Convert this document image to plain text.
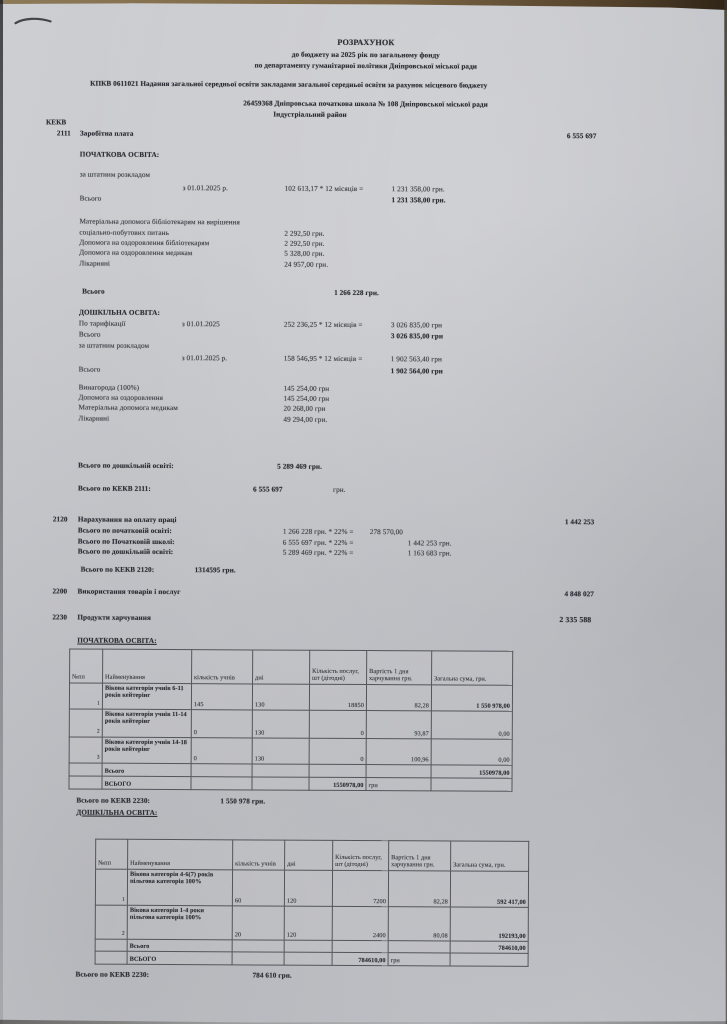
РОЗРАХУНОК
до бюджету на 2025 рік по загальному фонду
по департаменту гуманітарної політики Дніпровської міської ради
КПКВ 0611021 Надання загальної середньої освіти закладами загальної середньої освіти за рахунок місцевого бюджету
26459368 Дніпровська початкова школа № 108 Дніпровської міської ради
Індустріальний район
КЕКВ
2111 Заробітна плата	6 555 697
ПОЧАТКОВА ОСВІТА:
за штатним розкладом
з 01.01.2025 р.	102 613,17 * 12 місяців =	1 231 358,00 грн.
Всього	1 231 358,00 грн.
Матеріальна допомога бібліотекарям на вирішення
соціально-побутових питань	2 292,50 грн.
Допомога на оздоровлення бібліотекарям	2 292,50 грн.
Допомога на оздоровлення медикам	5 328,00 грн.
Лікарняні	24 957,00 грн.
Всього	1 266 228 грн.
ДОШКІЛЬНА ОСВІТА:
По тарифікації	з 01.01.2025	252 236,25 * 12 місяців =	3 026 835,00 грн
Всього	3 026 835,00 грн
за штатним розкладом
з 01.01.2025 р.	158 546,95 * 12 місяців =	1 902 563,40 грн
Всього	1 902 564,00 грн
Винагорода (100%)	145 254,00 грн
Допомога на оздоровлення	145 254,00 грн
Матеріальна допомога медикам	20 268,00 грн
Лікарняні	49 294,00 грн.
Всього по дошкільній освіті:	5 289 469 грн.
Всього по КЕКВ 2111:	6 555 697	грн.
2120 Нарахування на оплату праці	1 442 253
Всього по початковій освіті:	1 266 228 грн. * 22% = 278 570,00
Всього по Початковій школі:	6 555 697 грн. * 22% =	1 442 253 грн.
Всього по дошкільній освіті:	5 289 469 грн. * 22% =	1 163 683 грн.
Всього по КЕКВ 2120:	1314595 грн.
2200 Використання товарів і послуг	4 848 027
2230 Продукти харчування	2 335 588
ПОЧАТКОВА ОСВІТА:
№пп	Найменування	кількість учнів	дні	Кількість послуг, шт (дітодні)	Вартість 1 дня харчування грн.	Загальна сума, грн.
1	Вікова категорія учнів 6-11 років кейтерінг	145	130	18850	82,28	1 550 978,00
2	Вікова категорія учнів 11-14 років кейтерінг	0	130	0	93,87	0,00
3	Вікова категорія учнів 14-18 років кейтерінг	0	130	0	100,96	0,00
	Всього					1550978,00
	ВСЬОГО			1550978,00	грн	
Всього по КЕКВ 2230:	1 550 978 грн.
ДОШКІЛЬНА ОСВІТА:
№пп	Найменування	кількість учнів	дні	Кількість послуг, шт (дітодні)	Вартість 1 дня харчування грн.	Загальна сума, грн.
1	Вікова категорія 4-6(7) років пільгова категорія 100%	60	120	7200	82,28	592 417,00
2	Вікова категорія 1-4 роки пільгова категорія 100%	20	120	2400	80,08	192193,00
	Всього					784610,00
	ВСЬОГО			784610,00	грн	
Всього по КЕКВ 2230:	784 610 грн.
